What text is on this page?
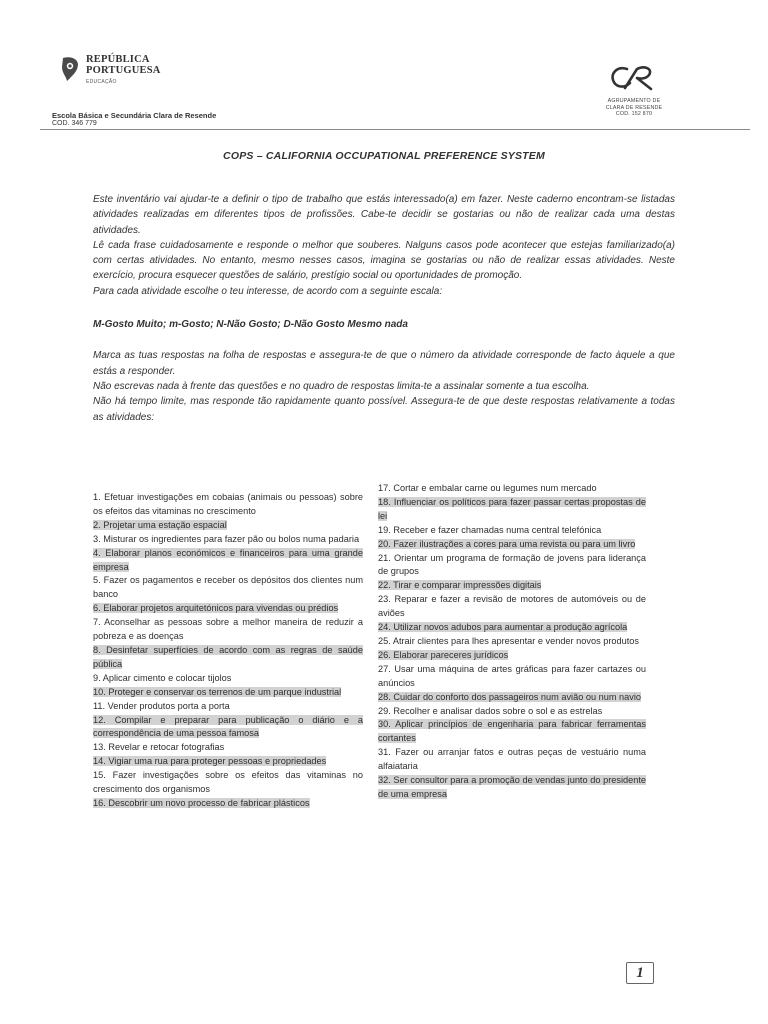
REPÚBLICA
PORTUGUESA
EDUCAÇÃO
Escola Básica e Secundária Clara de Resende
COD. 346 779
AGRUPAMENTO DE
CLARA DE RESENDE
COD. 152 870
COPS – CALIFORNIA OCCUPATIONAL PREFERENCE SYSTEM

Este inventário vai ajudar-te a definir o tipo de trabalho que estás interessado(a) em fazer. Neste caderno encontram-se listadas atividades realizadas em diferentes tipos de profissões. Cabe-te decidir se gostarias ou não de realizar cada uma destas atividades.

Lê cada frase cuidadosamente e responde o melhor que souberes. Nalguns casos pode acontecer que estejas familiarizado(a) com certas atividades. No entanto, mesmo nesses casos, imagina se gostarias ou não de realizar essas atividades. Neste exercício, procura esquecer questões de salário, prestígio social ou oportunidades de promoção.

Para cada atividade escolhe o teu interesse, de acordo com a seguinte escala:

M-Gosto Muito; m-Gosto; N-Não Gosto; D-Não Gosto Mesmo nada

Marca as tuas respostas na folha de respostas e assegura-te de que o número da atividade corresponde de facto àquele a que estás a responder.

Não escrevas nada à frente das questões e no quadro de respostas limita-te a assinalar somente a tua escolha.

Não há tempo limite, mas responde tão rapidamente quanto possível. Assegura-te de que deste respostas relativamente a todas as atividades:

1. Efetuar investigações em cobaias (animais ou pessoas) sobre os efeitos das vitaminas no crescimento
2. Projetar uma estação espacial
3. Misturar os ingredientes para fazer pão ou bolos numa padaria
4. Elaborar planos económicos e financeiros para uma grande empresa
5. Fazer os pagamentos e receber os depósitos dos clientes num banco
6. Elaborar projetos arquitetónicos para vivendas ou prédios
7. Aconselhar as pessoas sobre a melhor maneira de reduzir a pobreza e as doenças
8. Desinfetar superfícies de acordo com as regras de saúde pública
9. Aplicar cimento e colocar tijolos
10. Proteger e conservar os terrenos de um parque industrial
11. Vender produtos porta a porta
12. Compilar e preparar para publicação o diário e a correspondência de uma pessoa famosa
13. Revelar e retocar fotografias
14. Vigiar uma rua para proteger pessoas e propriedades
15. Fazer investigações sobre os efeitos das vitaminas no crescimento dos organismos
16. Descobrir um novo processo de fabricar plásticos
17. Cortar e embalar carne ou legumes num mercado
18. Influenciar os políticos para fazer passar certas propostas de lei
19. Receber e fazer chamadas numa central telefónica
20. Fazer ilustrações a cores para uma revista ou para um livro
21. Orientar um programa de formação de jovens para liderança de grupos
22. Tirar e comparar impressões digitais
23. Reparar e fazer a revisão de motores de automóveis ou de aviões
24. Utilizar novos adubos para aumentar a produção agrícola
25. Atrair clientes para lhes apresentar e vender novos produtos
26. Elaborar pareceres jurídicos
27. Usar uma máquina de artes gráficas para fazer cartazes ou anúncios
28. Cuidar do conforto dos passageiros num avião ou num navio
29. Recolher e analisar dados sobre o sol e as estrelas
30. Aplicar princípios de engenharia para fabricar ferramentas cortantes
31. Fazer ou arranjar fatos e outras peças de vestuário numa alfaiataria
32. Ser consultor para a promoção de vendas junto do presidente de uma empresa
1
